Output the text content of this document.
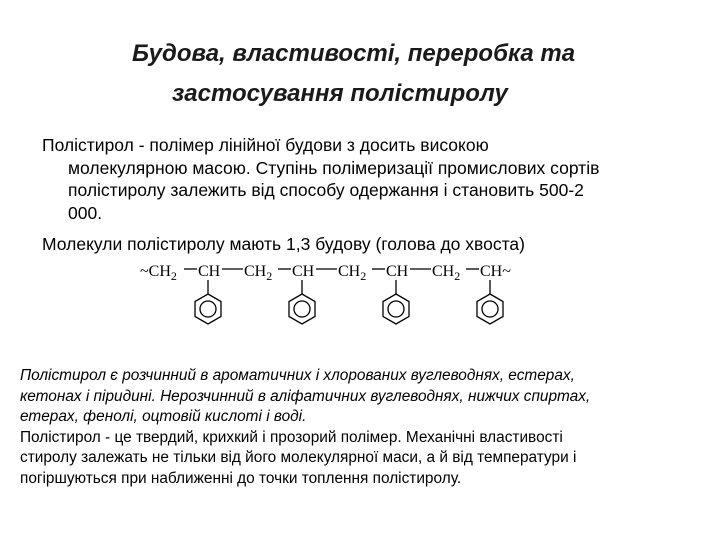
Будова, властивості, переробка та
застосування полістиролу
Полістирол - полімер лінійної будови з досить високою
молекулярною масою. Ступінь полімеризації промислових сортів
полістиролу залежить від способу одержання і становить 500-2
000.
Молекули полістиролу мають 1,3 будову (голова до хвоста)
$\sim CH_2$ CH $CH_2$ CH $CH_2$ CH $CH_2$ CH~
Полістирол є розчинний в ароматичних і хлорованих вуглеводнях, естерах,
кетонах і піридині. Нерозчинний в аліфатичних вуглеводнях, нижчих спиртах,
етерах, фенолі, оцтовій кислоті і воді.
Полістирол - це твердий, крихкий і прозорий полімер. Механічні властивості
стиролу залежать не тільки від його молекулярної маси, а й від температури і
погіршуються при наближенні до точки топлення полістиролу.
